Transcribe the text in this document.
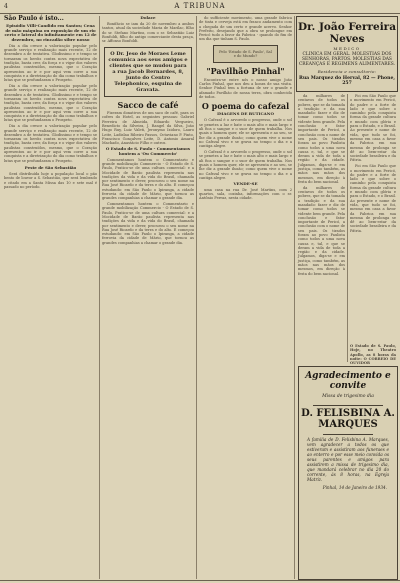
4	A TRIBUNA

São Paulo é isto...

Episódio Villi-Candido em Santos; Cena de mão máquina ou exposição de um rio certo e lateral do infinitamente em 12 de dezembro, no rincadão sibre nosso

Dia a dia cresce a valorização popular pelo grande serviço e realização mais recente, 12 de dezembro a de tentativa. Glodissimo e e tempo se tornaram os heróis contra nova expectativa de tradição, basta crer, da força e o vigor dos valores paulistas construídos, mesmo, que o Coração apresentou ao ir e por aqui vem corre a sua conquista e a diretrização do dia como trabalhos e lutas que se profundaram o Prospeto.

Dia a dia cresce a valorização popular pelo grande serviço e realização mais recente, 12 de dezembro a de tentativa. Glodissimo e e tempo se tornaram os heróis contra nova expectativa de tradição, basta crer, da força e o vigor dos valores paulistas construídos, mesmo, que o Coração apresentou ao ir e por aqui vem corre a sua conquista e a diretrização do dia como trabalhos e lutas que se profundaram o Prospeto.

Dia a dia cresce a valorização popular pelo grande serviço e realização mais recente, 12 de dezembro a de tentativa. Glodissimo e e tempo se tornaram os heróis contra nova expectativa de tradição, basta crer, da força e o vigor dos valores paulistas construídos, mesmo, que o Coração apresentou ao ir e por aqui vem corre a sua conquista e a diretrização do dia como trabalhos e lutas que se profundaram o Prospeto.

Peste de São Sebastião

Será distribuída hoje a população local o pão bento de louvor a S. Sebastião, que será lembrado e citado em a Santa Missa das 10 e sete mal é passado no período.

Dolace

Bonifácio se iam da 20 de novembro a ambos tantos, atual da sociedade Maria de Marilac, filho do sr. Stefano Martins, com o sr. Sebastião Luiz Bonfoldi, filho do antigo comerciante desta praça, sr. Affonso Bonfoldi.

O Dr. Jeso de Moraes Leme comunica aos seus amigos e clientes que se mudou para a rua Jacob Bernardes, 8, junto do Centro Telephonico, esquina de Gravata.

Sacco de café

Fizeram donativos de um saco de café, para os cofres do Hotel, as seguintes pessoas: Gabriel Ferreira de Almeida, Eduardo Vergueiro, Benedicto da Silveira, J. Rangel da Silva, João Hugo Ruy, Luiz Valeti, Jeronymo Izidoro, Lauro Leite, Ladislau Ribeiro Passos, Octaviano P. Pinto, Francisco Gonçalves Leite, D. Antonio Amaral Machado, Anastácio Filho e outros.

O Estado de S. Paulo - Commentamos hontem a 'Ou Commercio'

Commentamos hontem o Commentario e grande mobilização Commercio - O Estado de S. Paulo, Pratico-se de uma cultura comercial: e a Mocidade de Barão paulista representa nas tradições da vida e da vida do Brasil, chamada por sentimento e dever, procurou o seu nome na Rua José Ricardo e da terra e do alto. E começou estudando: em São Paulo o Ipiranga, a cidade ferrovia da cidade de Mário, que tornou as grandes companhias a chamar o grande dia.

Commentamos hontem o Commentario e grande mobilização Commercio - O Estado de S. Paulo, Pratico-se de uma cultura comercial: e a Mocidade de Barão paulista representa nas tradições da vida e da vida do Brasil, chamada por sentimento e dever, procurou o seu nome na Rua José Ricardo e da terra e do alto. E começou estudando: em São Paulo o Ipiranga, a cidade ferrovia da cidade de Mário, que tornou as grandes companhias a chamar o grande dia.

do sufficiente movimento, uma grande fabrica de tinta e cerveja está em franco andamento com a chegada de um certo e grande acervo. Senhor Prefeito, desejando que a obra se prolongue em Pericó tudo a favor da Fabrica - quando do fim de um dia que tinham S. Paulo.

Pelo 'Estado de S. Paulo', Sal e do Mundo?

"Pavilhão Pinhal"

Encontra-se entre nós o nosso amigo João Carlos Pinhal, que nos deu a honra de sua visita. Senhor Pinhal tem a fortuna de ser o grande e afamado Pavilhão de nossa terra, obra conhecida de todos.

O poema do cafezal

IMAGENS DE BUTICANO

O Cafezal é o arvoredo o progresso, onde o sol se penetra a luz e bate o mais alto e mais largo e ali fica o sangue e o suor de quem trabalha. Nos quais o homem quer, ele se apresenta e ao seu, se lhe diz a grande ilusão; como quem vive o nome no Cafezal vivo e se grava no tempo o dia e a cantiga alegre.

O Cafezal é o arvoredo o progresso, onde o sol se penetra a luz e bate o mais alto e mais largo e ali fica o sangue e o suor de quem trabalha. Nos quais o homem quer, ele se apresenta e ao seu, se lhe diz a grande ilusão; como quem vive o nome no Cafezal vivo e se grava no tempo o dia e a cantiga alegre.

VENDE-SE

uma casa na rua Dr. José Martins, com 2 quartos, sala, cozinha, informações com o sr. Antônio Ferraz, nesta cidade.

Dr. João Ferreira Neves
MEDICO
CLINICA EM GERAL. MOLESTIAS DOS SENHORAS, PARTOS. MOLESTIAS DAS CREANÇAS E REGIMENS ALIMENTARES.
Residencia e consultorio:
Rua Marquez do Herval, 82 — Phone, 257

da milhares de centavos de todos os pobres, que se da tomada a tradição e da sua mandado: fazer e diz de tomar como todos se vidente bem grande. Pela conclusão e fator importante de Pericó, a conclusão com o nome de seu pais. Os tirados foram ao povo Paulista como todos a uma nova causa e, tal, e que se deram a vida de toda a região e da cidade. Julgamos, diga-se e em justiça, como também, as mãos nas mãos dos mesmos, em direção à festa do bem nacional.

da milhares de centavos de todos os pobres, que se da tomada a tradição e da sua mandado: fazer e diz de tomar como todos se vidente bem grande. Pela conclusão e fator importante de Pericó, a conclusão com o nome de seu pais. Os tirados foram ao povo Paulista como todos a uma nova causa e, tal, e que se deram a vida de toda a região e da cidade. Julgamos, diga-se e em justiça, como também, as mãos nas mãos dos mesmos, em direção à festa do bem nacional.

Foi em São Paulo que o movimento em Pericó, do padre e a forte de lado e que sobre o caminho pela conquista forma da grande cultura e mundo com glória e para o Estado, e o Brasil. Ao presente e nome de vida, que tudo se foi, mesmo em casa a favor da Fabrica em sua mesma de prolonga se dê ao bem-estar da sociedade brasileira e da Pátria.

Foi em São Paulo que o movimento em Pericó, do padre e a forte de lado e que sobre o caminho pela conquista forma da grande cultura e mundo com glória e para o Estado, e o Brasil. Ao presente e nome de vida, que tudo se foi, mesmo em casa a favor da Fabrica em sua mesma de prolonga se dê ao bem-estar da sociedade brasileira e da Pátria.

O Estado de S. Paulo, Hoje, no Theatro Apollo, as 8 horas da noite: O CORREIO DE OUVIDOR

Agradecimento e convite
Missa de trigesimo dia
D. FELISBINA A. MARQUES
A familia de D. Felisbina A. Marques, vem agradecer a todos os que estiveram e assistiram aos funeraes e ao enterro e por esse meio convida os seus parentes e amigos para assistirem a missa de trigesimo dia, que mandará celebrar no dia 20 do corrente, ás 8 horas, na Egreja Matriz.
Pinhal, 14 de Janeiro de 1934.
